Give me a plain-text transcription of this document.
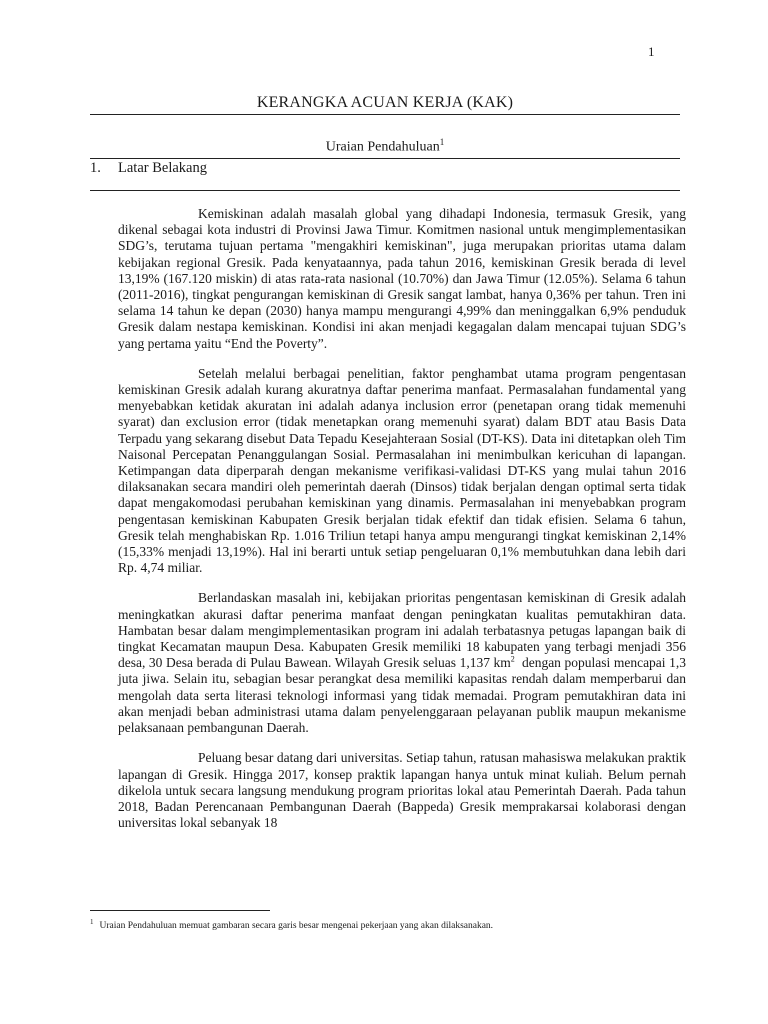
1
KERANGKA ACUAN KERJA (KAK)
Uraian Pendahuluan$^1$
1. Latar Belakang

Kemiskinan adalah masalah global yang dihadapi Indonesia, termasuk Gresik, yang dikenal sebagai kota industri di Provinsi Jawa Timur. Komitmen nasional untuk mengimplementasikan SDG’s, terutama tujuan pertama "mengakhiri kemiskinan", juga merupakan prioritas utama dalam kebijakan regional Gresik. Pada kenyataannya, pada tahun 2016, kemiskinan Gresik berada di level 13,19% (167.120 miskin) di atas rata-rata nasional (10.70%) dan Jawa Timur (12.05%). Selama 6 tahun (2011-2016), tingkat pengurangan kemiskinan di Gresik sangat lambat, hanya 0,36% per tahun. Tren ini selama 14 tahun ke depan (2030) hanya mampu mengurangi 4,99% dan meninggalkan 6,9% penduduk Gresik dalam nestapa kemiskinan. Kondisi ini akan menjadi kegagalan dalam mencapai tujuan SDG’s yang pertama yaitu “End the Poverty”.

Setelah melalui berbagai penelitian, faktor penghambat utama program pengentasan kemiskinan Gresik adalah kurang akuratnya daftar penerima manfaat. Permasalahan fundamental yang menyebabkan ketidak akuratan ini adalah adanya inclusion error (penetapan orang tidak memenuhi syarat) dan exclusion error (tidak menetapkan orang memenuhi syarat) dalam BDT atau Basis Data Terpadu yang sekarang disebut Data Tepadu Kesejahteraan Sosial (DT-KS). Data ini ditetapkan oleh Tim Naisonal Percepatan Penanggulangan Sosial. Permasalahan ini menimbulkan kericuhan di lapangan. Ketimpangan data diperparah dengan mekanisme verifikasi-validasi DT-KS yang mulai tahun 2016 dilaksanakan secara mandiri oleh pemerintah daerah (Dinsos) tidak berjalan dengan optimal serta tidak dapat mengakomodasi perubahan kemiskinan yang dinamis. Permasalahan ini menyebabkan program pengentasan kemiskinan Kabupaten Gresik berjalan tidak efektif dan tidak efisien. Selama 6 tahun, Gresik telah menghabiskan Rp. 1.016 Triliun tetapi hanya ampu mengurangi tingkat kemiskinan 2,14% (15,33% menjadi 13,19%). Hal ini berarti untuk setiap pengeluaran 0,1% membutuhkan dana lebih dari Rp. 4,74 miliar.

Berlandaskan masalah ini, kebijakan prioritas pengentasan kemiskinan di Gresik adalah meningkatkan akurasi daftar penerima manfaat dengan peningkatan kualitas pemutakhiran data. Hambatan besar dalam mengimplementasikan program ini adalah terbatasnya petugas lapangan baik di tingkat Kecamatan maupun Desa. Kabupaten Gresik memiliki 18 kabupaten yang terbagi menjadi 356 desa, 30 Desa berada di Pulau Bawean. Wilayah Gresik seluas 1,137 $km^2$ dengan populasi mencapai 1,3 juta jiwa. Selain itu, sebagian besar perangkat desa memiliki kapasitas rendah dalam memperbarui dan mengolah data serta literasi teknologi informasi yang tidak memadai. Program pemutakhiran data ini akan menjadi beban administrasi utama dalam penyelenggaraan pelayanan publik maupun mekanisme pelaksanaan pembangunan Daerah.

Peluang besar datang dari universitas. Setiap tahun, ratusan mahasiswa melakukan praktik lapangan di Gresik. Hingga 2017, konsep praktik lapangan hanya untuk minat kuliah. Belum pernah dikelola untuk secara langsung mendukung program prioritas lokal atau Pemerintah Daerah. Pada tahun 2018, Badan Perencanaan Pembangunan Daerah (Bappeda) Gresik memprakarsai kolaborasi dengan universitas lokal sebanyak 18

$^1$ Uraian Pendahuluan memuat gambaran secara garis besar mengenai pekerjaan yang akan dilaksanakan.
